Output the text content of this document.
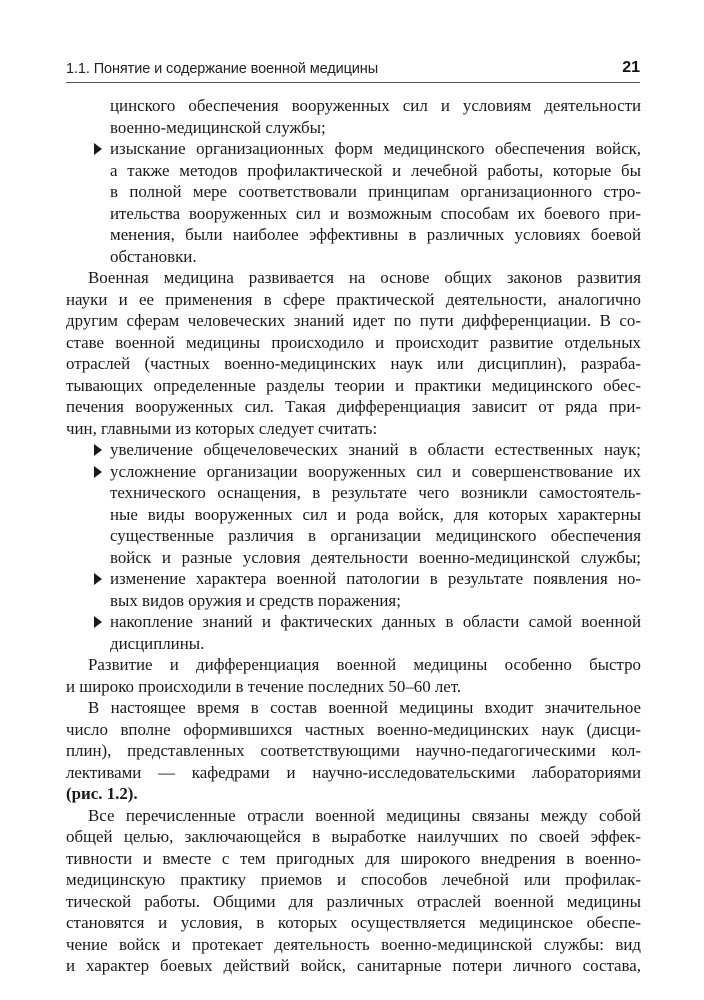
1.1. Понятие и содержание военной медицины	21
цинского обеспечения вооруженных сил и условиям деятельности
военно-медицинской службы;
изыскание организационных форм медицинского обеспечения войск,
а также методов профилактической и лечебной работы, которые бы
в полной мере соответствовали принципам организационного стро-
ительства вооруженных сил и возможным способам их боевого при-
менения, были наиболее эффективны в различных условиях боевой
обстановки.
Военная медицина развивается на основе общих законов развития
науки и ее применения в сфере практической деятельности, аналогично
другим сферам человеческих знаний идет по пути дифференциации. В со-
ставе военной медицины происходило и происходит развитие отдельных
отраслей (частных военно-медицинских наук или дисциплин), разраба-
тывающих определенные разделы теории и практики медицинского обес-
печения вооруженных сил. Такая дифференциация зависит от ряда при-
чин, главными из которых следует считать:
увеличение общечеловеческих знаний в области естественных наук;
усложнение организации вооруженных сил и совершенствование их
технического оснащения, в результате чего возникли самостоятель-
ные виды вооруженных сил и рода войск, для которых характерны
существенные различия в организации медицинского обеспечения
войск и разные условия деятельности военно-медицинской службы;
изменение характера военной патологии в результате появления но-
вых видов оружия и средств поражения;
накопление знаний и фактических данных в области самой военной
дисциплины.
Развитие и дифференциация военной медицины особенно быстро
и широко происходили в течение последних 50–60 лет.
В настоящее время в состав военной медицины входит значительное
число вполне оформившихся частных военно-медицинских наук (дисци-
плин), представленных соответствующими научно-педагогическими кол-
лективами — кафедрами и научно-исследовательскими лабораториями
(рис. 1.2).
Все перечисленные отрасли военной медицины связаны между собой
общей целью, заключающейся в выработке наилучших по своей эффек-
тивности и вместе с тем пригодных для широкого внедрения в военно-
медицинскую практику приемов и способов лечебной или профилак-
тической работы. Общими для различных отраслей военной медицины
становятся и условия, в которых осуществляется медицинское обеспе-
чение войск и протекает деятельность военно-медицинской службы: вид
и характер боевых действий войск, санитарные потери личного состава,
